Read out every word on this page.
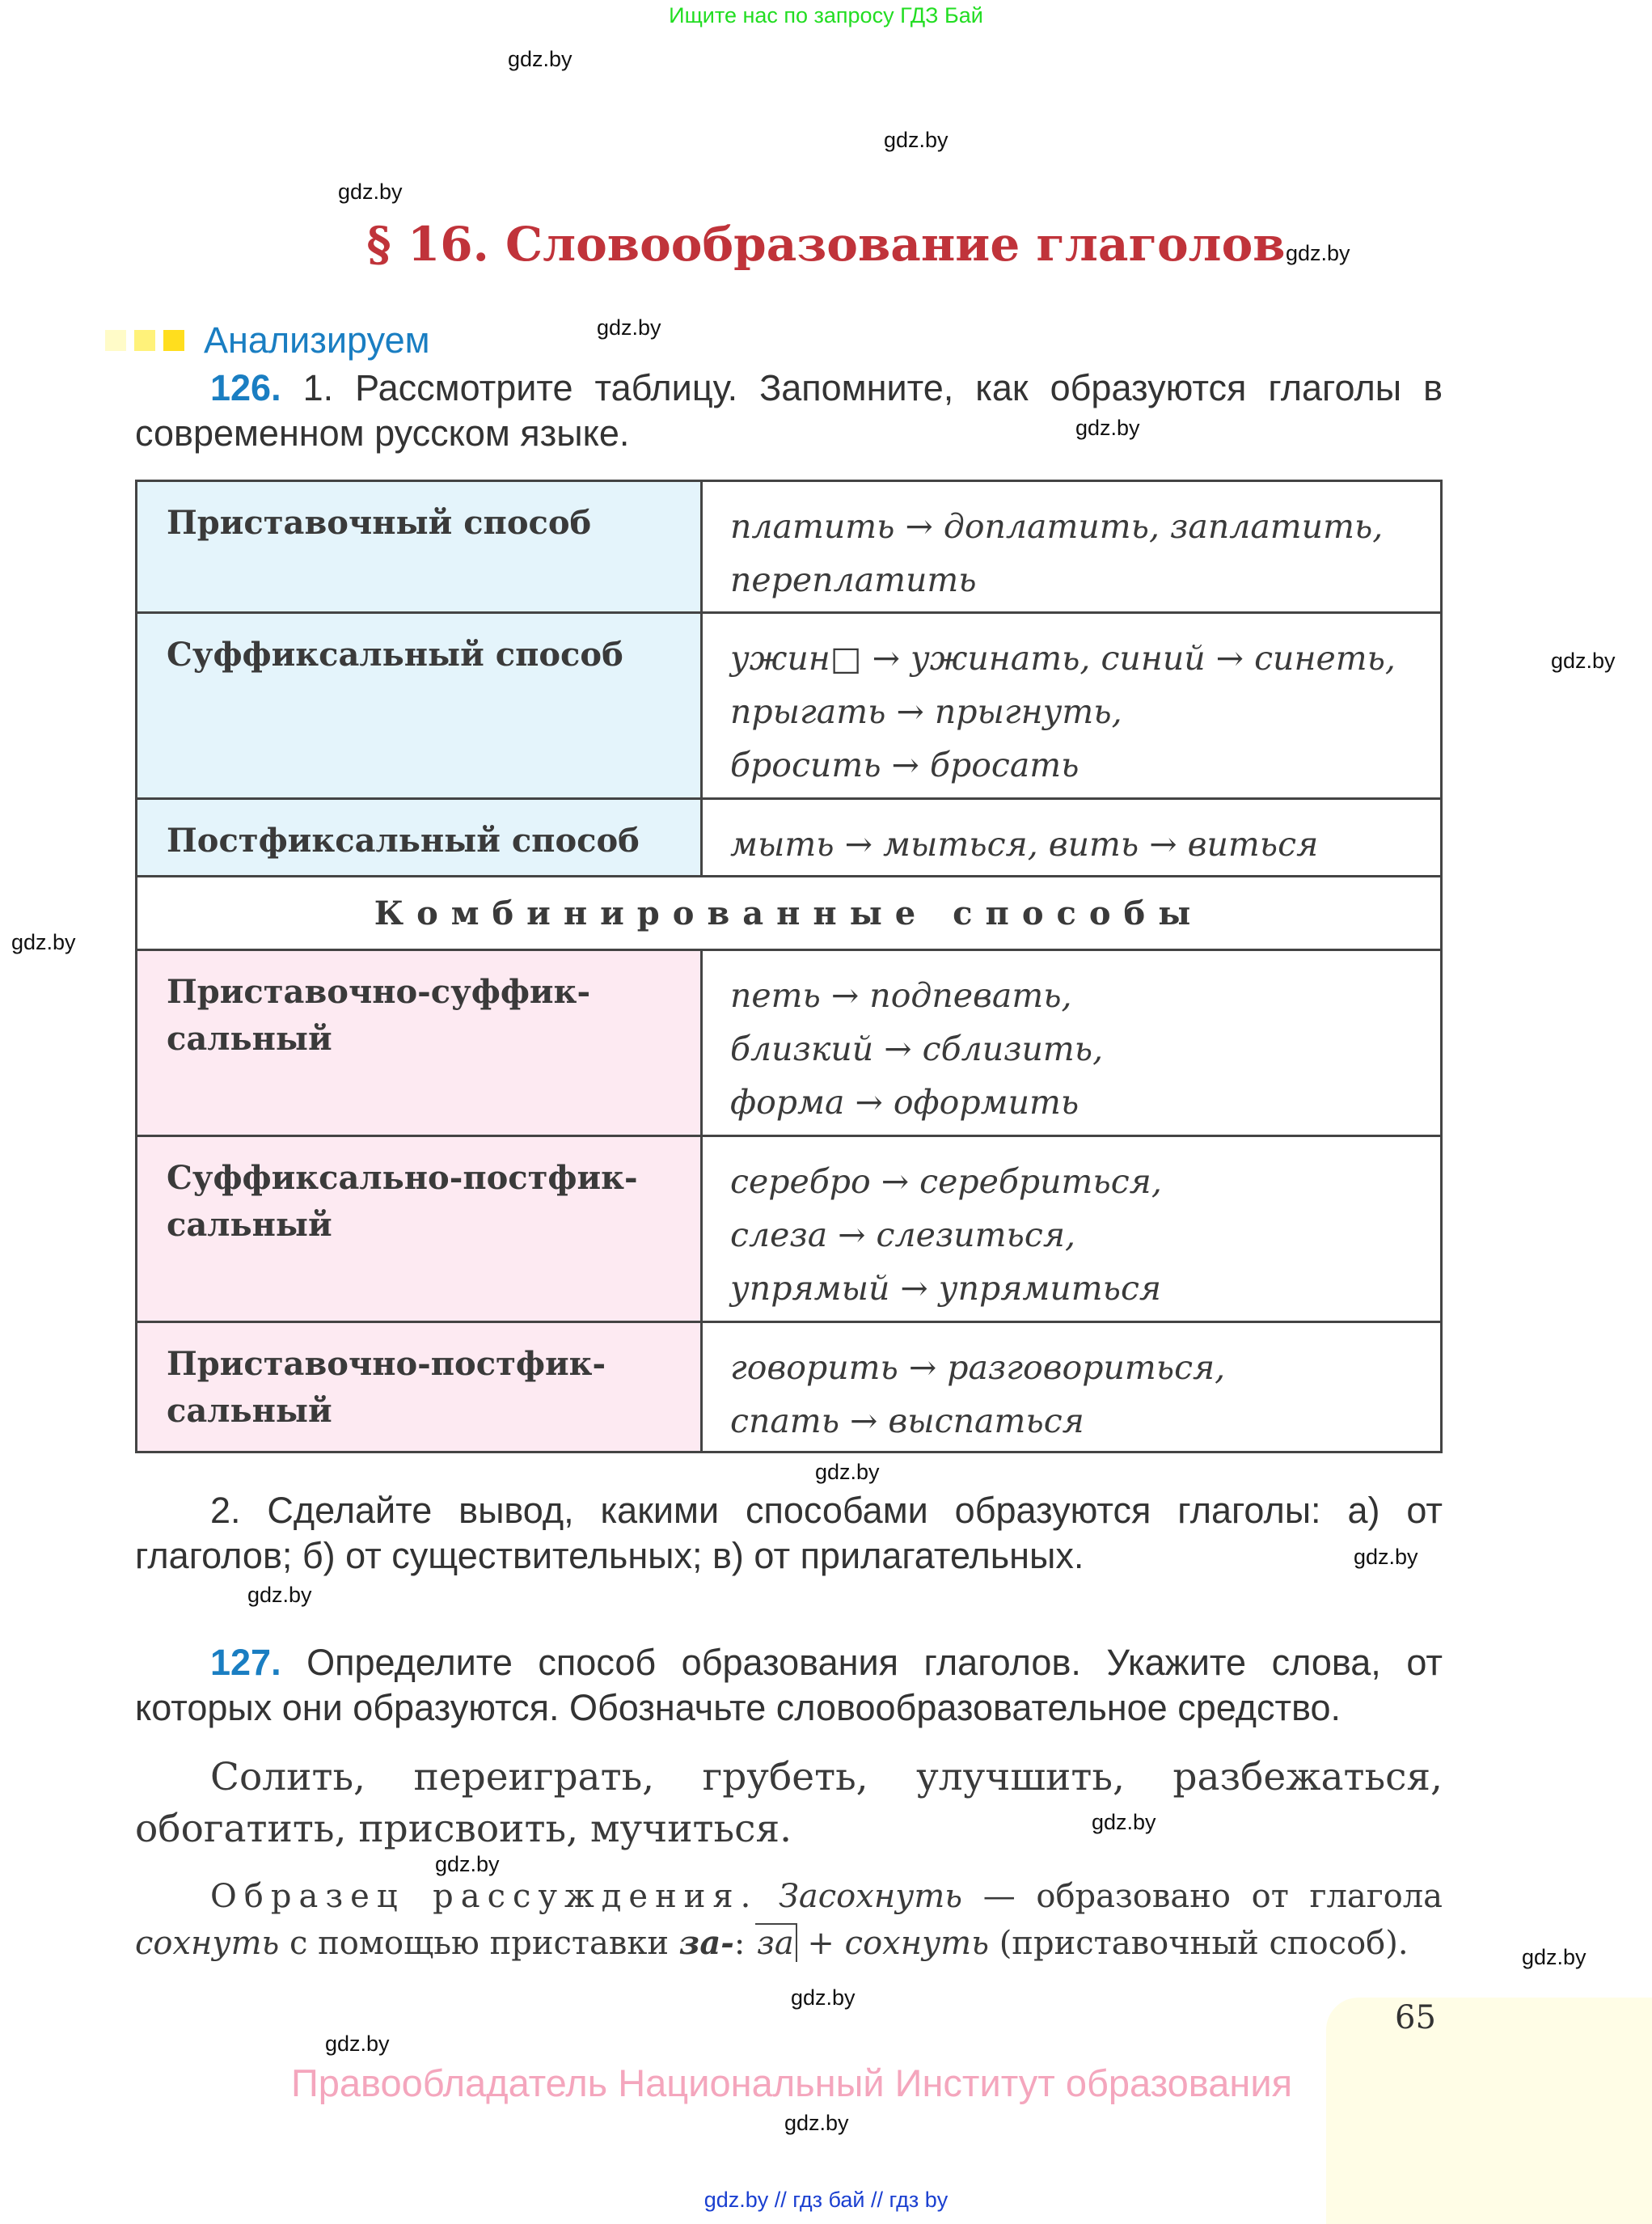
Ищите нас по запросу ГДЗ Бай
gdz.by
gdz.by
gdz.by
gdz.by
gdz.by
gdz.by
gdz.by
gdz.by
gdz.by
gdz.by
gdz.by
gdz.by
gdz.by
gdz.by
gdz.by
gdz.by
gdz.by
§ 16. Словообразование глаголов
Анализируем
126. 1. Рассмотрите таблицу. Запомните, как образуются глаголы в современном русском языке.
Приставочный способ	платить → доплатить, заплатить,
переплатить

Суффиксальный способ	ужин□ → ужинать, синий → синеть,
прыгать → прыгнуть,
бросить → бросать

Постфиксальный способ	мыть → мыться, вить → виться

Комбинированные способы	
Приставочно-суффик-сальный	петь → подпевать,
близкий → сблизить,
форма → оформить

Суффиксально-постфик-сальный	серебро → серебриться,
слеза → слезиться,
упрямый → упрямиться

Приставочно-постфик-сальный	говорить → разговориться,
спать → выспаться
2. Сделайте вывод, какими способами образуются глаголы: а) от глаголов; б) от существительных; в) от прилагательных.
127. Определите способ образования глаголов. Укажите слова, от которых они образуются. Обозначьте словообразовательное средство.
Солить, переиграть, грубеть, улучшить, разбежаться, обогатить, присвоить, мучиться.
Образец рассуждения. Засохнуть — образовано от глагола сохнуть с помощью приставки за-: за + сохнуть (приставочный способ).
65
Правообладатель Национальный Институт образования
gdz.by // гдз бай // гдз by
